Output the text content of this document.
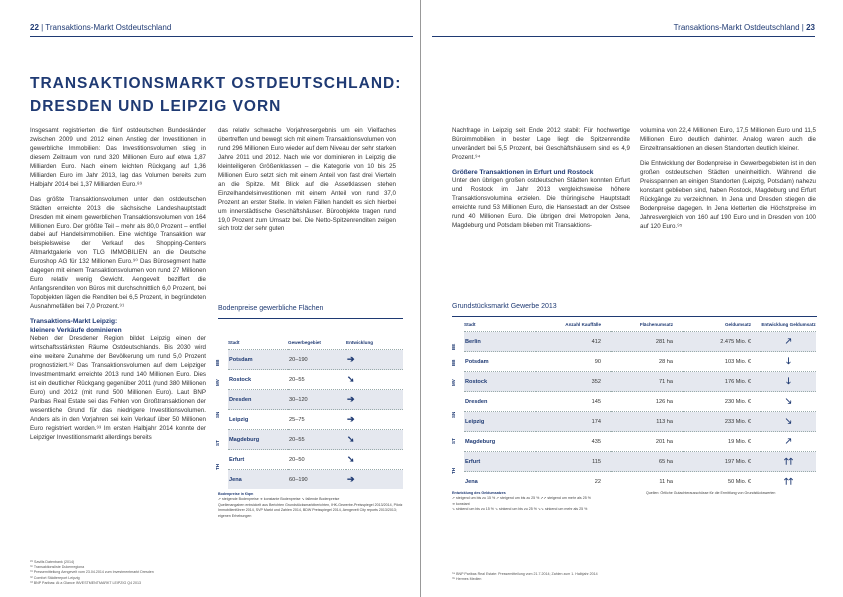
22 | Transaktions-Markt Ostdeutschland
TRANSAKTIONSMARKT OSTDEUTSCHLAND:
DRESDEN UND LEIPZIG VORN

Insgesamt registrierten die fünf ostdeutschen Bundesländer zwischen 2009 und 2012 einen Anstieg der Investitionen in gewerbliche Immobilien: Das Investitionsvolumen stieg in diesem Zeitraum von rund 320 Millionen Euro auf etwa 1,87 Milliarden Euro. Nach einem leichten Rückgang auf 1,36 Milliarden Euro im Jahr 2013, lag das Volumen bereits zum Halbjahr 2014 bei 1,37 Milliarden Euro.⁸⁹

Das größte Transaktionsvolumen unter den ostdeutschen Städten erreichte 2013 die sächsische Landeshauptstadt Dresden mit einem gewerblichen Transaktionsvolumen von 164 Millionen Euro. Der größte Teil – mehr als 80,0 Prozent – entfiel dabei auf Handelsimmobilien. Eine wichtige Transaktion war beispielsweise der Verkauf des Shopping-Centers Altmarktgalerie von TLG IMMOBILIEN an die Deutsche Euroshop AG für 132 Millionen Euro.⁹⁰ Das Bürosegment hatte dagegen mit einem Transaktionsvolumen von rund 27 Millionen Euro relativ wenig Gewicht. Aengevelt beziffert die Anfangsrenditen von Büros mit durchschnittlich 6,0 Prozent, bei Topobjekten lägen die Renditen bei 6,5 Prozent, in begründeten Ausnahmefällen bei 7,0 Prozent.⁹¹

Transaktions-Markt Leipzig:
kleinere Verkäufe dominieren

Neben der Dresdener Region bildet Leipzig einen der wirtschaftsstärksten Räume Ostdeutschlands. Bis 2030 wird eine weitere Zunahme der Bevölkerung um rund 5,0 Prozent prognostiziert.⁹² Das Transaktionsvolumen auf dem Leipziger Investmentmarkt erreichte 2013 rund 140 Millionen Euro. Dies ist ein deutlicher Rückgang gegenüber 2011 (rund 380 Millionen Euro) und 2012 (mit rund 500 Millionen Euro). Laut BNP Paribas Real Estate sei das Fehlen von Großtransaktionen der wesentliche Grund für das niedrigere Investitionsvolumen. Anders als in den Vorjahren sei kein Verkauf über 50 Millionen Euro registriert worden.⁹³ Im ersten Halbjahr 2014 konnte der Leipziger Investitionsmarkt allerdings bereits

das relativ schwache Vorjahresergebnis um ein Vielfaches übertreffen und bewegt sich mit einem Transaktionsvolumen von rund 296 Millionen Euro wieder auf dem Niveau der sehr starken Jahre 2011 und 2012. Nach wie vor dominieren in Leipzig die kleinteiligeren Größenklassen – die Kategorie von 10 bis 25 Millionen Euro setzt sich mit einem Anteil von fast drei Vierteln an die Spitze. Mit Blick auf die Assetklassen stehen Einzelhandelsinvestitionen mit einem Anteil von rund 37,0 Prozent an erster Stelle. In vielen Fällen handelt es sich hierbei um innerstädtische Geschäftshäuser. Büroobjekte tragen rund 19,0 Prozent zum Umsatz bei. Die Netto-Spitzenrenditen zeigen sich trotz der sehr guten

Bodenpreise gewerbliche Flächen
Stadt	Gewerbegebiet	Entwicklung
Potsdam	20–190	➔
Rostock	20–55	➘
Dresden	30–120	➔
Leipzig	25–75	➔
Magdeburg	20–55	➘
Erfurt	20–50	➘
Jena	60–190	➔
BB
MV
SN
ST
TH
Bodenpreise in €/qm
➚ steigende Bodenpreise ➔ konstante Bodenpreise ➘ fallende Bodenpreise
Quellenangaben entwickelt aus Berichten Grundstücksmarktberichten, IHK-Gewerbe-Preisspiegel 2013/2014, Pilotz Immobilienführer 2014, SVP Markt und Zahlen 2014, BDW Preisspiegel 2014, Aengevelt City reports 2013/2013; eigenen Erhebungen
⁸⁹ Savills Datenbank (2014)
⁹⁰ Transaktionsliste Dukenregiona
⁹¹ Pressemitteilung Aengevelt vom 23.04.2014 zum Investmentmarkt Dresden
⁹² Comfort Städtereport Leipzig
⁹³ BNP Paribas: At a Glance INVESTMENTMARKT LEIPZIG Q4 2013
Transaktions-Markt Ostdeutschland | 23

Nachfrage in Leipzig seit Ende 2012 stabil: Für hochwertige Büroimmobilien in bester Lage liegt die Spitzenrendite unverändert bei 5,5 Prozent, bei Geschäftshäusern sind es 4,9 Prozent.⁹⁴

Größere Transaktionen in Erfurt und Rostock

Unter den übrigen großen ostdeutschen Städten konnten Erfurt und Rostock im Jahr 2013 vergleichsweise höhere Transaktionsvolumina erzielen. Die thüringische Hauptstadt erreichte rund 53 Millionen Euro, die Hansestadt an der Ostsee rund 40 Millionen Euro. Die übrigen drei Metropolen Jena, Magdeburg und Potsdam blieben mit Transaktions-

volumina von 22,4 Millionen Euro, 17,5 Millionen Euro und 11,5 Millionen Euro deutlich dahinter. Analog waren auch die Einzeltransaktionen an diesen Standorten deutlich kleiner.

Die Entwicklung der Bodenpreise in Gewerbegebieten ist in den großen ostdeutschen Städten uneinheitlich. Während die Preisspannen an einigen Standorten (Leipzig, Potsdam) nahezu konstant geblieben sind, haben Rostock, Magdeburg und Erfurt Rückgänge zu verzeichnen. In Jena und Dresden stiegen die Bodenpreise dagegen. In Jena kletterten die Höchstpreise im Jahresvergleich von 160 auf 190 Euro und in Dresden von 100 auf 120 Euro.⁹⁵

Grundstücksmarkt Gewerbe 2013
Stadt	Anzahl Kauffälle	Flächenumsatz	Geldumsatz	Entwicklung Geldumsatz
Berlin	412	281 ha	2.475 Mio. €	🡕
Potsdam	90	28 ha	103 Mio. €	🡓
Rostock	352	71 ha	176 Mio. €	🡓
Dresden	145	126 ha	230 Mio. €	🡖
Leipzig	174	113 ha	233 Mio. €	🡖
Magdeburg	435	201 ha	19 Mio. €	🡕
Erfurt	115	65 ha	197 Mio. €	🡑🡑
Jena	22	11 ha	50 Mio. €	🡑🡑
BE
BB
MV
SN
ST
TH
Entwicklung des Geldumsatzes
➚ steigend um bis zu 15 % ➚ steigend um bis zu 25 % ➚➚ steigend um mehr als 25 %
➔ konstant
➘ sinkend um bis zu 15 % ➘ sinkend um bis zu 25 % ➘➘ sinkend um mehr als 25 %
Quellen: Örtliche Gutachterausschüsse für die Ermittlung von Grundstückswerten
⁹⁴ BNP Paribas Real Estate: Pressemitteilung vom 21.7.2014; Zahlen zum 1. Halbjahr 2014
⁹⁵ Hermes Medien
